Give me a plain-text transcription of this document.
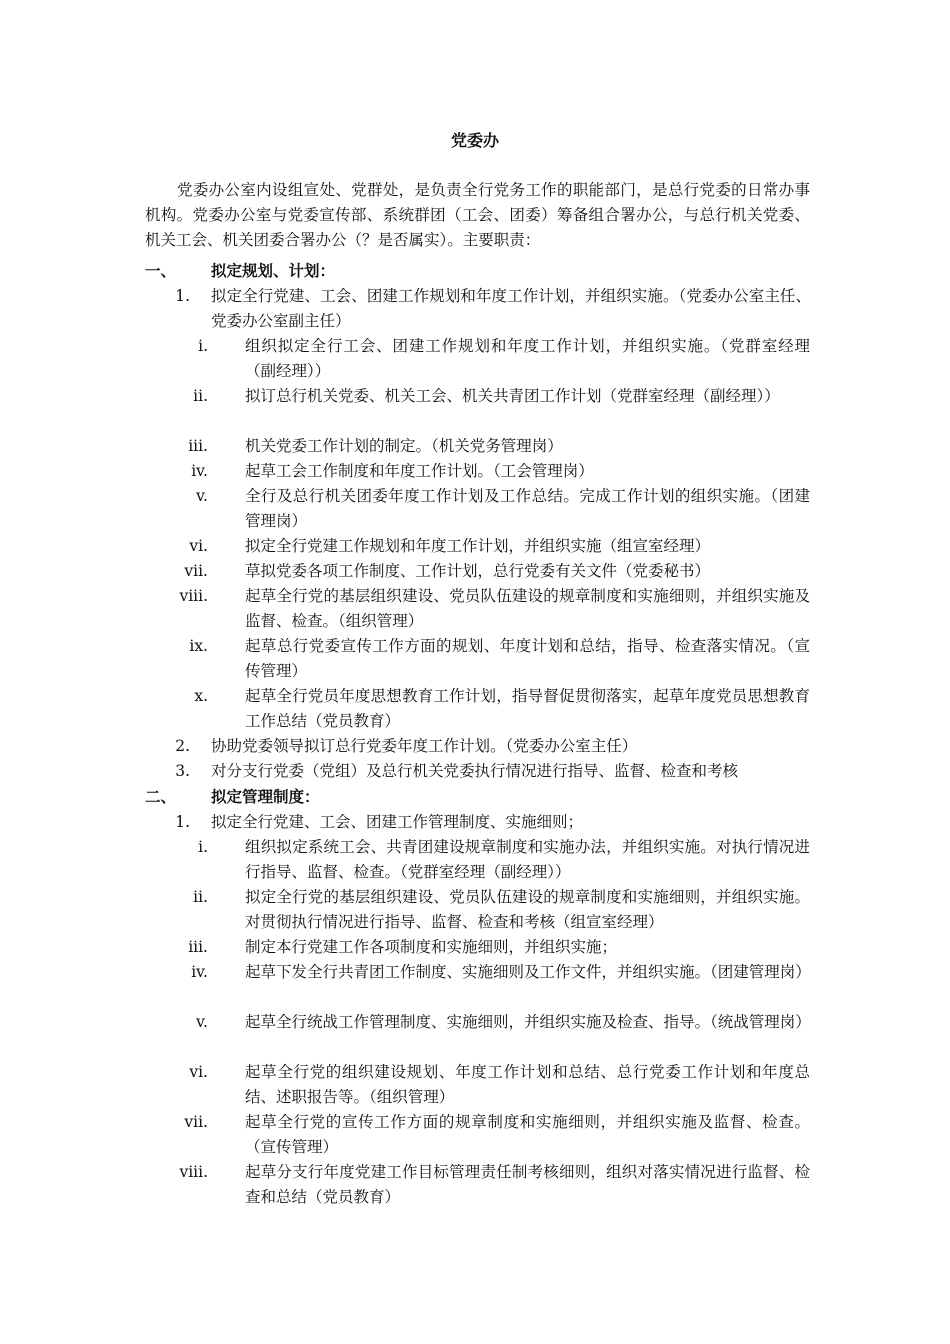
党委办
党委办公室内设组宣处、党群处，是负责全行党务工作的职能部门，是总行党委的日常办事机构。党委办公室与党委宣传部、系统群团（工会、团委）筹备组合署办公，与总行机关党委、机关工会、机关团委合署办公（？是否属实）。主要职责：
一、 拟定规划、计划：
1. 拟定全行党建、工会、团建工作规划和年度工作计划，并组织实施。（党委办公室主任、党委办公室副主任）
i. 组织拟定全行工会、团建工作规划和年度工作计划，并组织实施。（党群室经理（副经理））
ii. 拟订总行机关党委、机关工会、机关共青团工作计划（党群室经理（副经理））
iii. 机关党委工作计划的制定。（机关党务管理岗）
iv. 起草工会工作制度和年度工作计划。（工会管理岗）
v. 全行及总行机关团委年度工作计划及工作总结。完成工作计划的组织实施。（团建管理岗）
vi. 拟定全行党建工作规划和年度工作计划，并组织实施（组宣室经理）
vii. 草拟党委各项工作制度、工作计划，总行党委有关文件（党委秘书）
viii. 起草全行党的基层组织建设、党员队伍建设的规章制度和实施细则，并组织实施及监督、检查。（组织管理）
ix. 起草总行党委宣传工作方面的规划、年度计划和总结，指导、检查落实情况。（宣传管理）
x. 起草全行党员年度思想教育工作计划，指导督促贯彻落实，起草年度党员思想教育工作总结（党员教育）
2. 协助党委领导拟订总行党委年度工作计划。（党委办公室主任）
3. 对分支行党委（党组）及总行机关党委执行情况进行指导、监督、检查和考核
二、 拟定管理制度：
1. 拟定全行党建、工会、团建工作管理制度、实施细则；
i. 组织拟定系统工会、共青团建设规章制度和实施办法，并组织实施。对执行情况进行指导、监督、检查。（党群室经理（副经理））
ii. 拟定全行党的基层组织建设、党员队伍建设的规章制度和实施细则，并组织实施。对贯彻执行情况进行指导、监督、检查和考核（组宣室经理）
iii. 制定本行党建工作各项制度和实施细则，并组织实施；
iv. 起草下发全行共青团工作制度、实施细则及工作文件，并组织实施。（团建管理岗）
v. 起草全行统战工作管理制度、实施细则，并组织实施及检查、指导。（统战管理岗）
vi. 起草全行党的组织建设规划、年度工作计划和总结、总行党委工作计划和年度总结、述职报告等。（组织管理）
vii. 起草全行党的宣传工作方面的规章制度和实施细则，并组织实施及监督、检查。（宣传管理）
viii. 起草分支行年度党建工作目标管理责任制考核细则，组织对落实情况进行监督、检查和总结（党员教育）
